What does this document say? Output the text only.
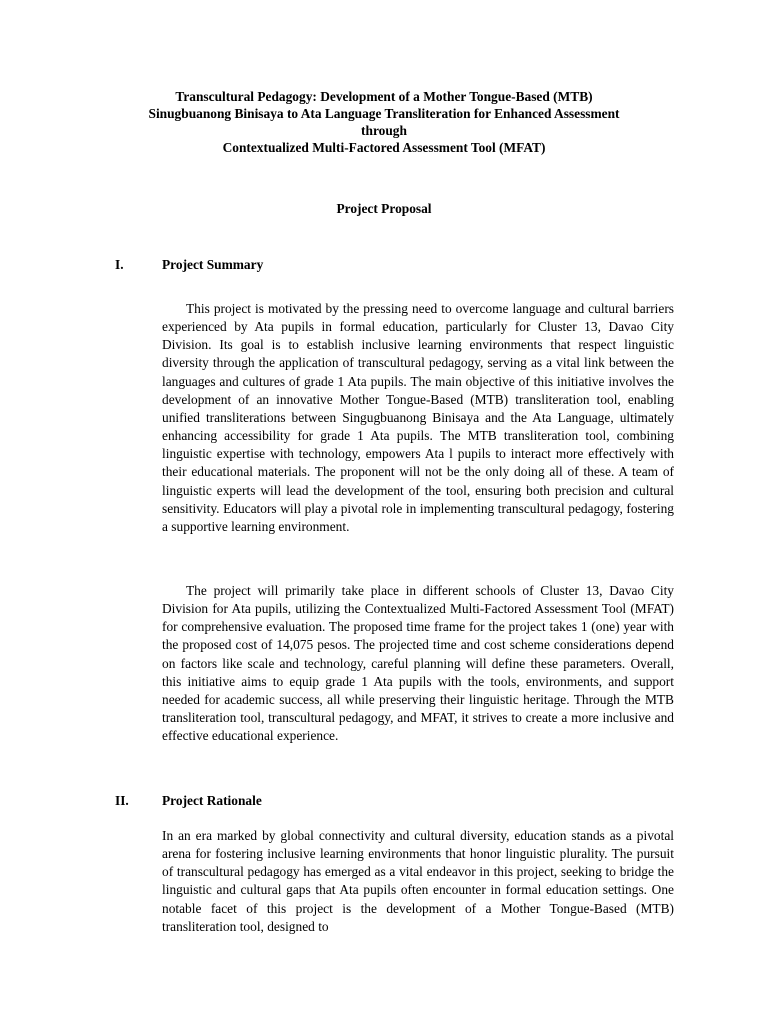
Transcultural Pedagogy: Development of a Mother Tongue-Based (MTB)
Sinugbuanong Binisaya to Ata Language Transliteration for Enhanced Assessment
through
Contextualized Multi-Factored Assessment Tool (MFAT)
Project Proposal
I.	Project Summary

This project is motivated by the pressing need to overcome language and cultural barriers experienced by Ata pupils in formal education, particularly for Cluster 13, Davao City Division. Its goal is to establish inclusive learning environments that respect linguistic diversity through the application of transcultural pedagogy, serving as a vital link between the languages and cultures of grade 1 Ata pupils. The main objective of this initiative involves the development of an innovative Mother Tongue-Based (MTB) transliteration tool, enabling unified transliterations between Singugbuanong Binisaya and the Ata Language, ultimately enhancing accessibility for grade 1 Ata pupils. The MTB transliteration tool, combining linguistic expertise with technology, empowers Ata l pupils to interact more effectively with their educational materials. The proponent will not be the only doing all of these. A team of linguistic experts will lead the development of the tool, ensuring both precision and cultural sensitivity. Educators will play a pivotal role in implementing transcultural pedagogy, fostering a supportive learning environment.

The project will primarily take place in different schools of Cluster 13, Davao City Division for Ata pupils, utilizing the Contextualized Multi-Factored Assessment Tool (MFAT) for comprehensive evaluation. The proposed time frame for the project takes 1 (one) year with the proposed cost of 14,075 pesos. The projected time and cost scheme considerations depend on factors like scale and technology, careful planning will define these parameters. Overall, this initiative aims to equip grade 1 Ata pupils with the tools, environments, and support needed for academic success, all while preserving their linguistic heritage. Through the MTB transliteration tool, transcultural pedagogy, and MFAT, it strives to create a more inclusive and effective educational experience.

II. Project Rationale

In an era marked by global connectivity and cultural diversity, education stands as a pivotal arena for fostering inclusive learning environments that honor linguistic plurality. The pursuit of transcultural pedagogy has emerged as a vital endeavor in this project, seeking to bridge the linguistic and cultural gaps that Ata pupils often encounter in formal education settings. One notable facet of this project is the development of a Mother Tongue-Based (MTB) transliteration tool, designed to
